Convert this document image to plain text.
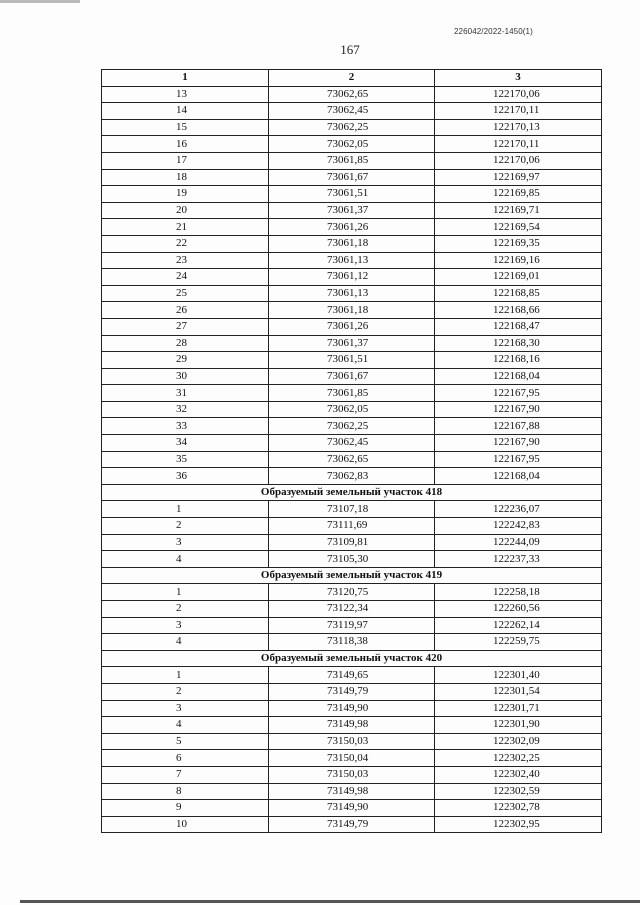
226042/2022-1450(1)
167
1	2	3
13	73062,65	122170,06
14	73062,45	122170,11
15	73062,25	122170,13
16	73062,05	122170,11
17	73061,85	122170,06
18	73061,67	122169,97
19	73061,51	122169,85
20	73061,37	122169,71
21	73061,26	122169,54
22	73061,18	122169,35
23	73061,13	122169,16
24	73061,12	122169,01
25	73061,13	122168,85
26	73061,18	122168,66
27	73061,26	122168,47
28	73061,37	122168,30
29	73061,51	122168,16
30	73061,67	122168,04
31	73061,85	122167,95
32	73062,05	122167,90
33	73062,25	122167,88
34	73062,45	122167,90
35	73062,65	122167,95
36	73062,83	122168,04
Образуемый земельный участок 418		
1	73107,18	122236,07
2	73111,69	122242,83
3	73109,81	122244,09
4	73105,30	122237,33
Образуемый земельный участок 419		
1	73120,75	122258,18
2	73122,34	122260,56
3	73119,97	122262,14
4	73118,38	122259,75
Образуемый земельный участок 420		
1	73149,65	122301,40
2	73149,79	122301,54
3	73149,90	122301,71
4	73149,98	122301,90
5	73150,03	122302,09
6	73150,04	122302,25
7	73150,03	122302,40
8	73149,98	122302,59
9	73149,90	122302,78
10	73149,79	122302,95
